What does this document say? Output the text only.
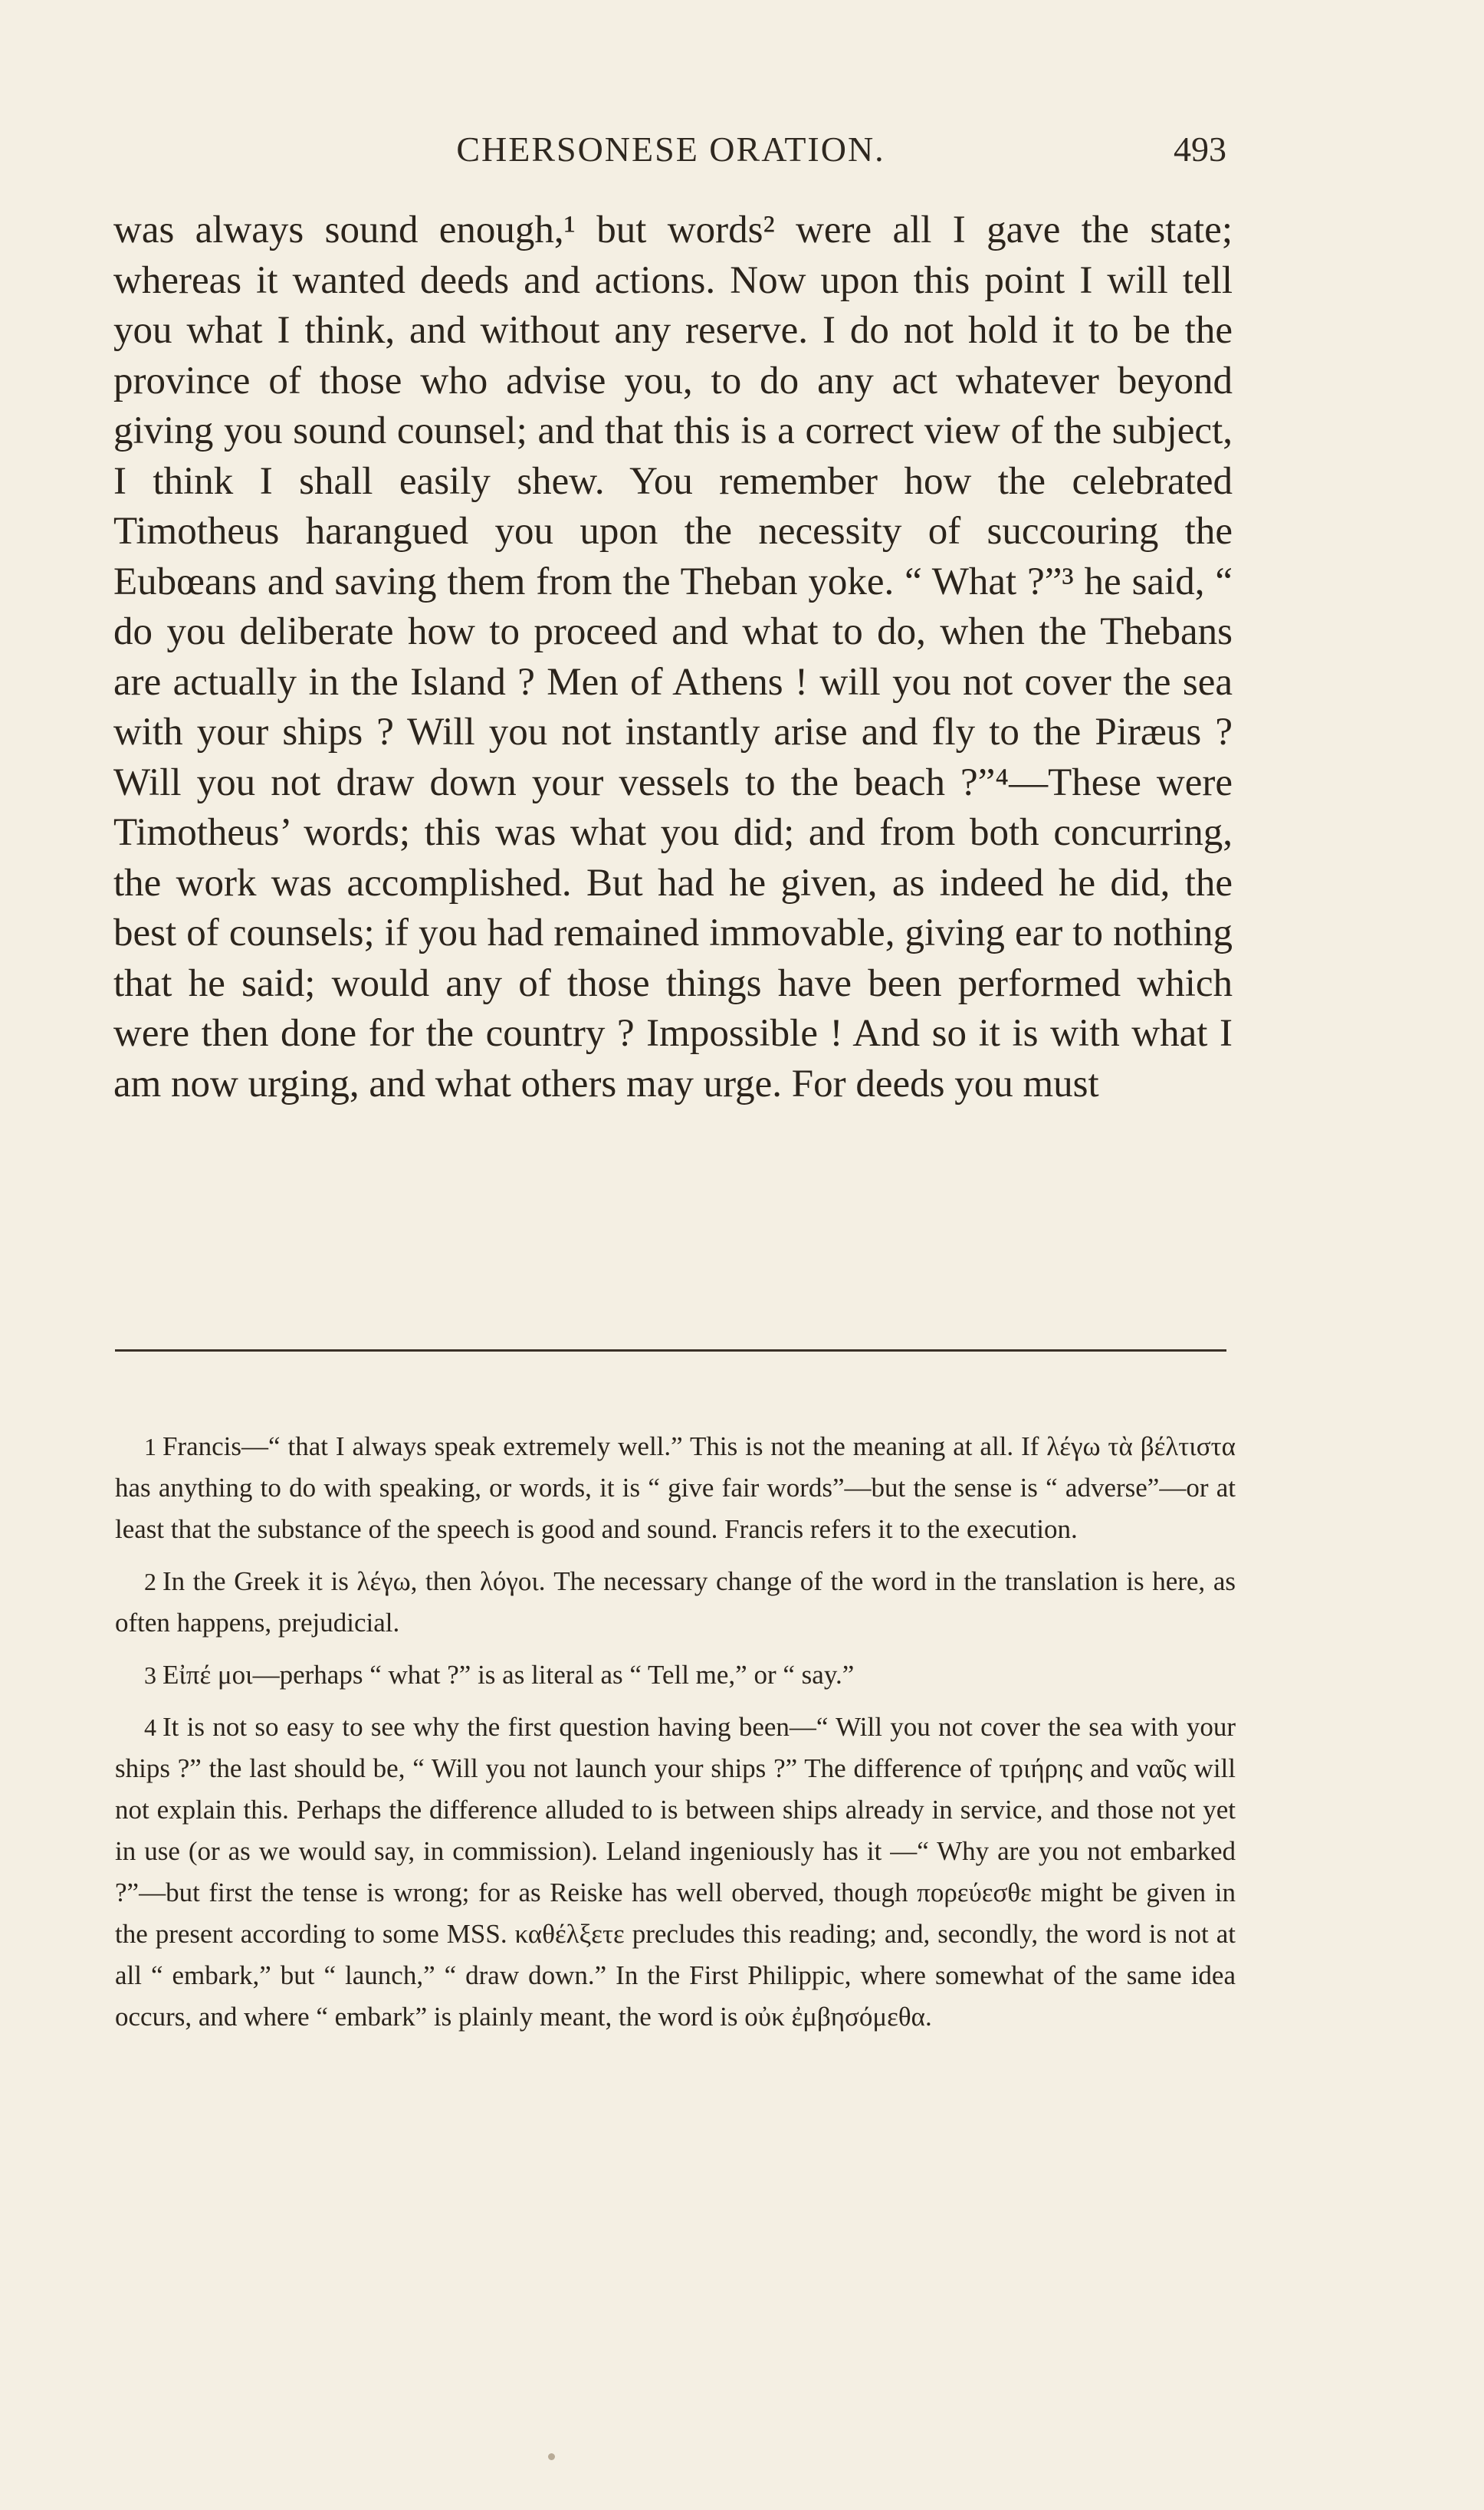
CHERSONESE ORATION.	493

was always sound enough,¹ but words² were all I gave the state; whereas it wanted deeds and actions. Now upon this point I will tell you what I think, and without any reserve. I do not hold it to be the province of those who advise you, to do any act whatever beyond giving you sound counsel; and that this is a correct view of the subject, I think I shall easily shew. You remember how the celebrated Timotheus harangued you upon the necessity of succouring the Eubœans and saving them from the Theban yoke. “ What ?”³ he said, “ do you deliberate how to proceed and what to do, when the Thebans are actually in the Island ? Men of Athens ! will you not cover the sea with your ships ? Will you not instantly arise and fly to the Piræus ? Will you not draw down your vessels to the beach ?”⁴—These were Timotheus’ words; this was what you did; and from both concurring, the work was accomplished. But had he given, as indeed he did, the best of counsels; if you had remained immovable, giving ear to nothing that he said; would any of those things have been performed which were then done for the country ? Impossible ! And so it is with what I am now urging, and what others may urge. For deeds you must

1 Francis—“ that I always speak extremely well.” This is not the meaning at all. If λέγω τὰ βέλτιστα has anything to do with speaking, or words, it is “ give fair words”—but the sense is “ adverse”—or at least that the substance of the speech is good and sound. Francis refers it to the execution.

2 In the Greek it is λέγω, then λόγοι. The necessary change of the word in the translation is here, as often happens, prejudicial.

3 Εἰπέ μοι—perhaps “ what ?” is as literal as “ Tell me,” or “ say.”

4 It is not so easy to see why the first question having been—“ Will you not cover the sea with your ships ?” the last should be, “ Will you not launch your ships ?” The difference of τριήρης and ναῦς will not explain this. Perhaps the difference alluded to is between ships already in service, and those not yet in use (or as we would say, in commission). Leland ingeniously has it —“ Why are you not embarked ?”—but first the tense is wrong; for as Reiske has well oberved, though πορεύεσθε might be given in the present according to some MSS. καθέλξετε precludes this reading; and, secondly, the word is not at all “ embark,” but “ launch,” “ draw down.” In the First Philippic, where somewhat of the same idea occurs, and where “ embark” is plainly meant, the word is οὐκ ἐμβησόμεθα.
